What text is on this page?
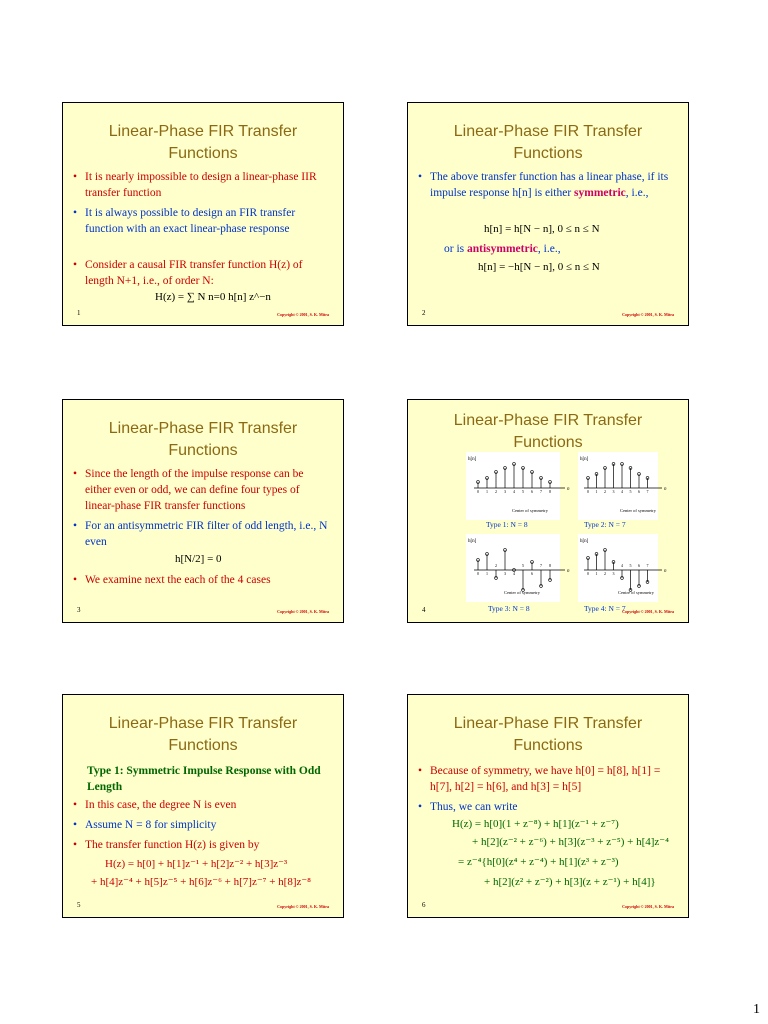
Linear-Phase FIR Transfer Functions
• It is nearly impossible to design a linear-phase IIR transfer function
• It is always possible to design an FIR transfer function with an exact linear-phase response
• Consider a causal FIR transfer function H(z) of length N+1, i.e., of order N:
H(z) = ∑ N n=0 h[n] z^−n
1	Copyright © 2001, S. K. Mitra
Linear-Phase FIR Transfer Functions
• The above transfer function has a linear phase, if its impulse response h[n] is either symmetric, i.e.,
h[n] = h[N − n], 0 ≤ n ≤ N
or is antisymmetric, i.e.,
h[n] = −h[N − n], 0 ≤ n ≤ N
2	Copyright © 2001, S. K. Mitra
Linear-Phase FIR Transfer Functions
• Since the length of the impulse response can be either even or odd, we can define four types of linear-phase FIR transfer functions
• For an antisymmetric FIR filter of odd length, i.e., N even
h[N/2] = 0
• We examine next the each of the 4 cases
3	Copyright © 2001, S. K. Mitra
Linear-Phase FIR Transfer Functions
n
0 1 2 3 4 5 6 7 8	n
0 1 2 3 4 5 6 7
n
0 1
2
3 4
5
6
7 8
n
0 1 2 3
4 5 6 7
h[n]	h[n]
h[n]	h[n]
Center of symmetry	Center of symmetry
Center of symmetry	Centre of symmetry
Type 1: N = 8	Type 2: N = 7
Type 3: N = 8	Type 4: N = 7
4	Copyright © 2001, S. K. Mitra
Linear-Phase FIR Transfer Functions
Type 1: Symmetric Impulse Response with Odd Length
• In this case, the degree N is even
• Assume N = 8 for simplicity
• The transfer function H(z) is given by
H(z) = h[0] + h[1]z⁻¹ + h[2]z⁻² + h[3]z⁻³
+ h[4]z⁻⁴ + h[5]z⁻⁵ + h[6]z⁻⁶ + h[7]z⁻⁷ + h[8]z⁻⁸
5	Copyright © 2001, S. K. Mitra
Linear-Phase FIR Transfer Functions
• Because of symmetry, we have h[0] = h[8], h[1] = h[7], h[2] = h[6], and h[3] = h[5]
• Thus, we can write
H(z) = h[0](1 + z⁻⁸) + h[1](z⁻¹ + z⁻⁷)
+ h[2](z⁻² + z⁻⁶) + h[3](z⁻³ + z⁻⁵) + h[4]z⁻⁴
= z⁻⁴{h[0](z⁴ + z⁻⁴) + h[1](z³ + z⁻³)
+ h[2](z² + z⁻²) + h[3](z + z⁻¹) + h[4]}
6	Copyright © 2001, S. K. Mitra
1
